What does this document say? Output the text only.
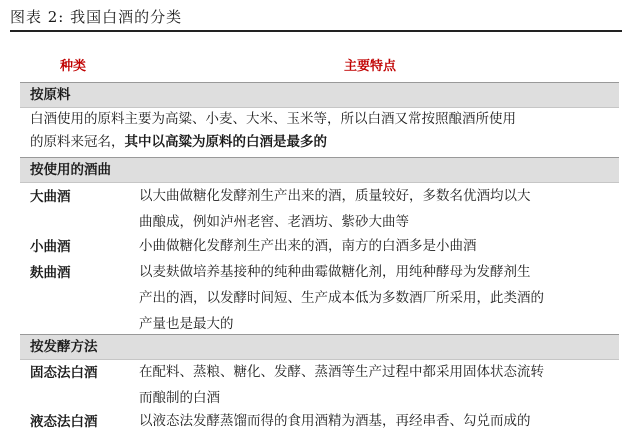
图表 2: 我国白酒的分类
种类	主要特点
按原料
白酒使用的原料主要为高粱、小麦、大米、玉米等，所以白酒又常按照酿酒所使用
的原料来冠名，其中以高粱为原料的白酒是最多的
按使用的酒曲
大曲酒	以大曲做糖化发酵剂生产出来的酒，质量较好，多数名优酒均以大
曲酿成，例如泸州老窖、老酒坊、紫砂大曲等
小曲酒	小曲做糖化发酵剂生产出来的酒，南方的白酒多是小曲酒
麸曲酒	以麦麸做培养基接种的纯种曲霉做糖化剂，用纯种酵母为发酵剂生
产出的酒，以发酵时间短、生产成本低为多数酒厂所采用，此类酒的
产量也是最大的
按发酵方法
固态法白酒	在配料、蒸粮、糖化、发酵、蒸酒等生产过程中都采用固体状态流转
而酿制的白酒
液态法白酒	以液态法发酵蒸馏而得的食用酒精为酒基，再经串香、勾兑而成的
